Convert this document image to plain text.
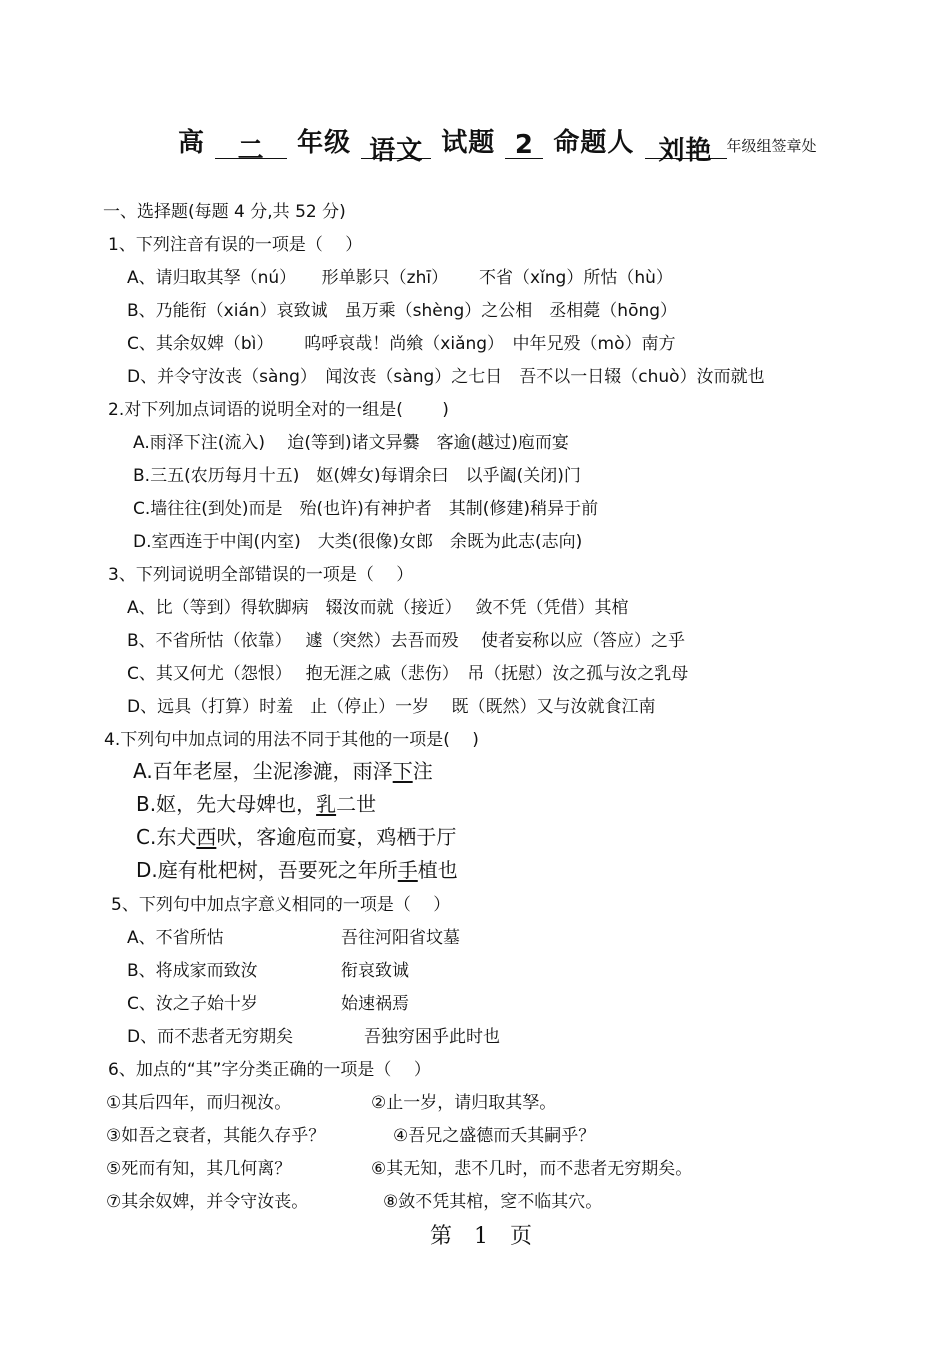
高 二 年级 语文 试题 2 命题人 刘艳 年级组签章处
一、选择题(每题 4 分,共 52 分)
1、下列注音有误的一项是（　 ）
A、请归取其孥（nú）　　形单影只（zhī）　　 不省（xǐng）所怙（hù）
B、乃能衔（xián）哀致诚　虽万乘（shèng）之公相　丞相薨（hōng）
C、其余奴婢（bì）　　 呜呼哀哉！尚飨（xiǎng）　中年兄殁（mò）南方
D、并令守汝丧（sàng）　闻汝丧（sàng）之七日　吾不以一日辍（chuò）汝而就也
2.对下列加点词语的说明全对的一组是(　　 )
A.雨泽下注(流入)　 迨(等到)诸文异爨　客逾(越过)庖而宴
B.三五(农历每月十五)　妪(婢女)每谓余曰　以乎阖(关闭)门
C.墙往往(到处)而是　殆(也许)有神护者　其制(修建)稍异于前
D.室西连于中闺(内室)　大类(很像)女郎　余既为此志(志向)
3、下列词说明全部错误的一项是（　 ）
A、比（等到）得软脚病　辍汝而就（接近）　 敛不凭（凭借）其棺
B、不省所怙（依靠）　 遽（突然）去吾而殁　 使者妄称以应（答应）之乎
C、其又何尤（怨恨）　 抱无涯之戚（悲伤）　吊（抚慰）汝之孤与汝之乳母
D、远具（打算）时羞　止（停止）一岁　 既（既然）又与汝就食江南
4.下列句中加点词的用法不同于其他的一项是(　 )
A.百年老屋，尘泥渗漉，雨泽下注
B.妪，先大母婢也，乳二世
C.东犬西吠，客逾庖而宴，鸡栖于厅
D.庭有枇杷树，吾要死之年所手植也
5、下列句中加点字意义相同的一项是（　 ）
A、不省所怙	吾往河阳省坟墓
B、将成家而致汝	衔哀致诚
C、汝之子始十岁	始速祸焉
D、而不悲者无穷期矣	吾独穷困乎此时也
6、加点的“其”字分类正确的一项是（　 ）
①其后四年，而归视汝。	②止一岁，请归取其孥。
③如吾之衰者，其能久存乎？	④吾兄之盛德而夭其嗣乎？
⑤死而有知，其几何离？	⑥其无知，悲不几时，而不悲者无穷期矣。
⑦其余奴婢，并令守汝丧。	⑧敛不凭其棺，窆不临其穴。
第　1　页
